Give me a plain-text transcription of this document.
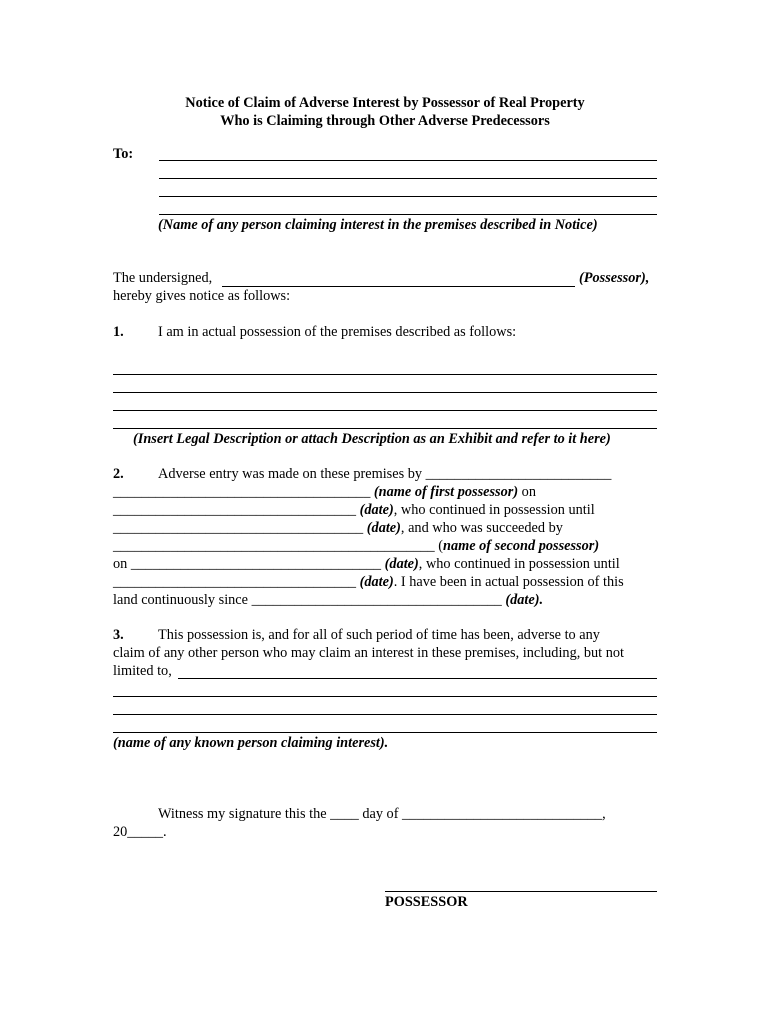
Notice of Claim of Adverse Interest by Possessor of Real Property
Who is Claiming through Other Adverse Predecessors
To:
(Name of any person claiming interest in the premises described in Notice)
The undersigned,	(Possessor),
hereby gives notice as follows:
1. I am in actual possession of the premises described as follows:
(Insert Legal Description or attach Description as an Exhibit and refer to it here)
2. Adverse entry was made on these premises by __________________________
____________________________________ (name of first possessor) on
__________________________________ (date), who continued in possession until
___________________________________ (date), and who was succeeded by
_____________________________________________ (name of second possessor)
on ___________________________________ (date), who continued in possession until
__________________________________ (date). I have been in actual possession of this
land continuously since ___________________________________ (date).
3. This possession is, and for all of such period of time has been, adverse to any
claim of any other person who may claim an interest in these premises, including, but not
limited to,
(name of any known person claiming interest).
Witness my signature this the ____ day of ____________________________,
20_____.
POSSESSOR
